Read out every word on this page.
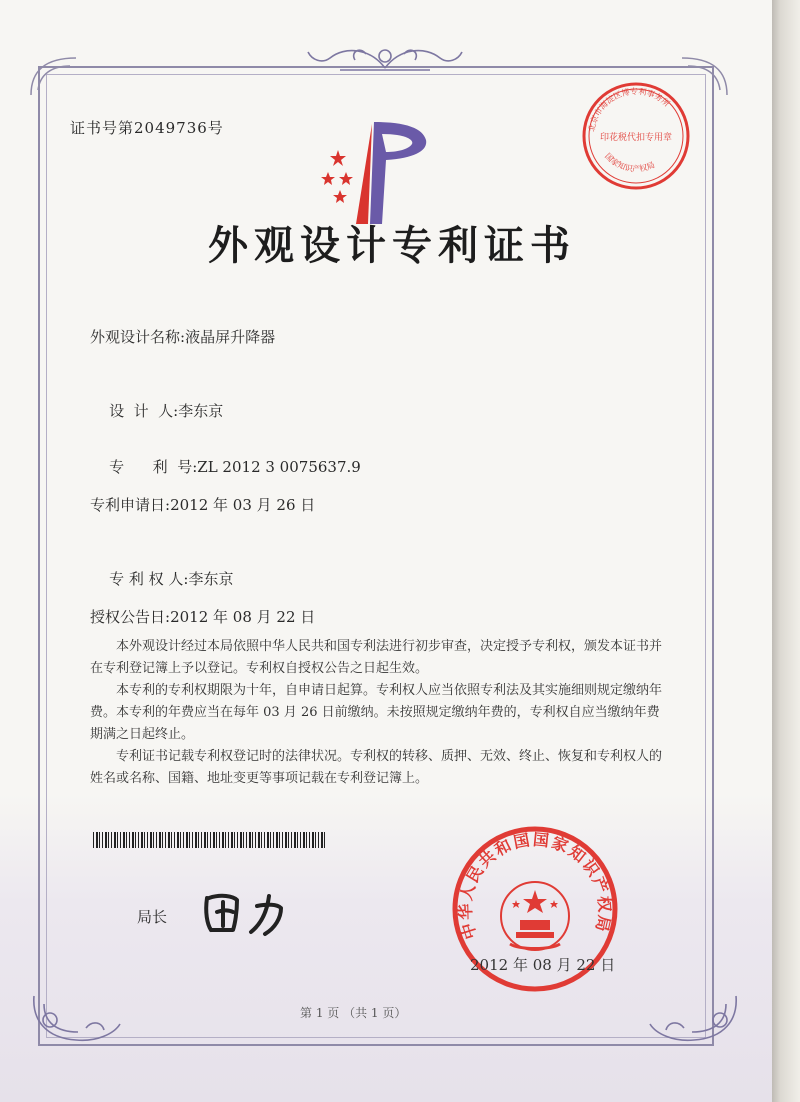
证书号第2049736号	北京市海淀区博专利事务所
国家知识产权局
印花税代扣专用章
外观设计专利证书
外观设计名称:液晶屏升降器

设  计  人:李东京

专      利  号:ZL 2012 3 0075637.9

专利申请日:2012 年 03 月 26 日

专 利 权 人:李东京

授权公告日:2012 年 08 月 22 日

本外观设计经过本局依照中华人民共和国专利法进行初步审查，决定授予专利权，颁发本证书并在专利登记簿上予以登记。专利权自授权公告之日起生效。

本专利的专利权期限为十年，自申请日起算。专利权人应当依照专利法及其实施细则规定缴纳年费。本专利的年费应当在每年 03 月 26 日前缴纳。未按照规定缴纳年费的，专利权自应当缴纳年费期满之日起终止。

专利证书记载专利权登记时的法律状况。专利权的转移、质押、无效、终止、恢复和专利权人的姓名或名称、国籍、地址变更等事项记载在专利登记簿上。

局长
中华人民共和国国家知识产权局
2012 年 08 月 22 日
第 1 页 （共 1 页）
